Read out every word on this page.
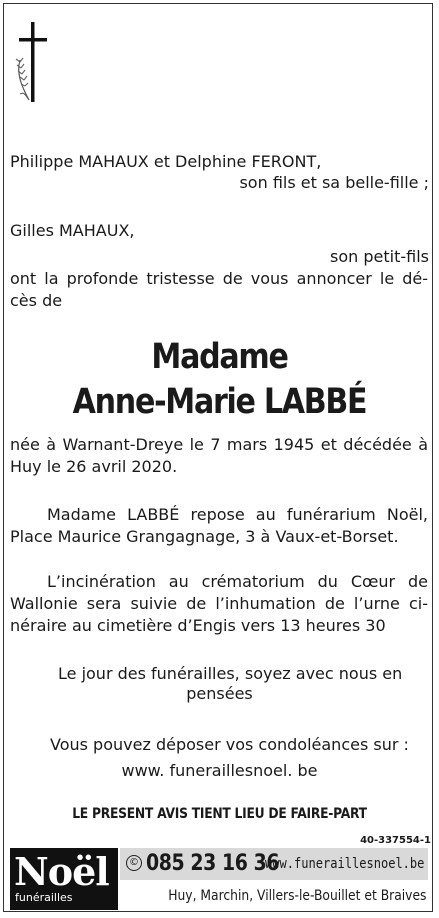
Philippe MAHAUX et Delphine FERONT,
son fils et sa belle-fille ;
Gilles MAHAUX,
son petit-fils
ont la profonde tristesse de vous annoncer le dé-
cès de
Madame
Anne-Marie LABBÉ
née à Warnant-Dreye le 7 mars 1945 et décédée à
Huy le 26 avril 2020.
Madame LABBÉ repose au funérarium Noël,
Place Maurice Grangagnage, 3 à Vaux-et-Borset.
L’incinération au crématorium du Cœur de
Wallonie sera suivie de l’inhumation de l’urne ci-
néraire au cimetière d’Engis vers 13 heures 30
Le jour des funérailles, soyez avec nous en
pensées
Vous pouvez déposer vos condoléances sur :
www. funeraillesnoel. be
LE PRESENT AVIS TIENT LIEU DE FAIRE-PART
40-337554-1
Noël
funérailles
© 085 23 16 36
www.funeraillesnoel.be
Huy, Marchin, Villers-le-Bouillet et Braives
